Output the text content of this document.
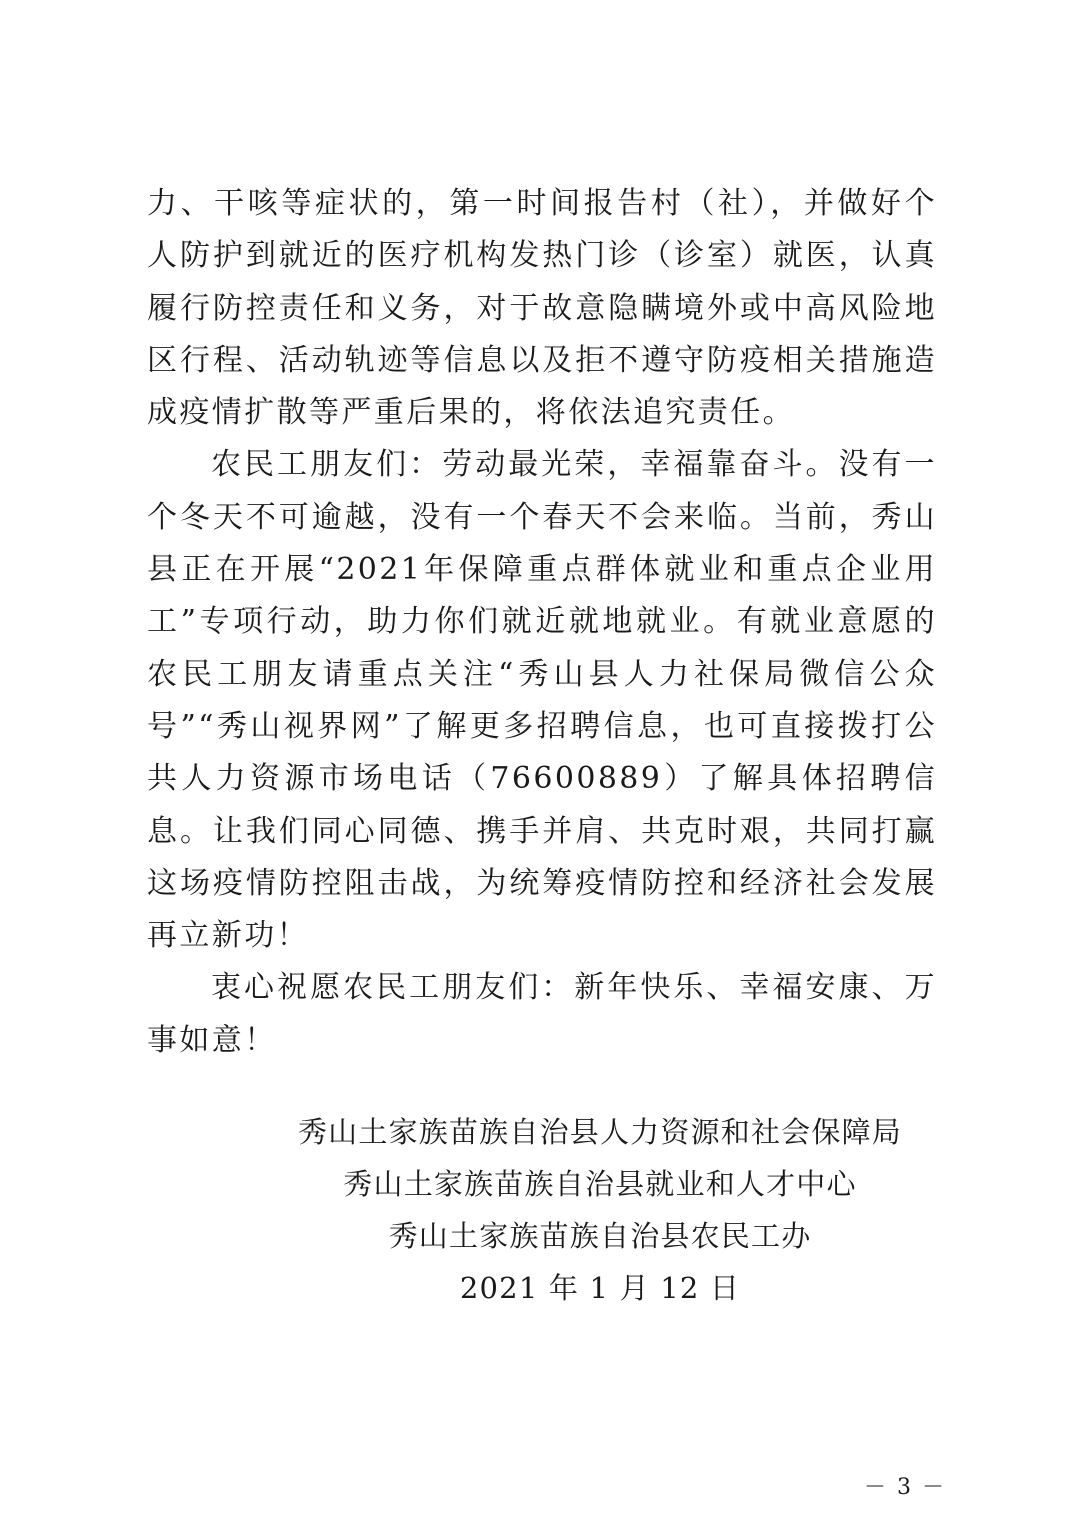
力、干咳等症状的，第一时间报告村（社），并做好个人防护到就近的医疗机构发热门诊（诊室）就医，认真履行防控责任和义务，对于故意隐瞒境外或中高风险地区行程、活动轨迹等信息以及拒不遵守防疫相关措施造成疫情扩散等严重后果的，将依法追究责任。

农民工朋友们：劳动最光荣，幸福靠奋斗。没有一个冬天不可逾越，没有一个春天不会来临。当前，秀山县正在开展“2021年保障重点群体就业和重点企业用工”专项行动，助力你们就近就地就业。有就业意愿的农民工朋友请重点关注“秀山县人力社保局微信公众号”“秀山视界网”了解更多招聘信息，也可直接拨打公共人力资源市场电话（76600889）了解具体招聘信息。让我们同心同德、携手并肩、共克时艰，共同打赢这场疫情防控阻击战，为统筹疫情防控和经济社会发展再立新功！

衷心祝愿农民工朋友们：新年快乐、幸福安康、万事如意！

秀山土家族苗族自治县人力资源和社会保障局
秀山土家族苗族自治县就业和人才中心
秀山土家族苗族自治县农民工办
2021 年 1 月 12 日
－ 3 －
